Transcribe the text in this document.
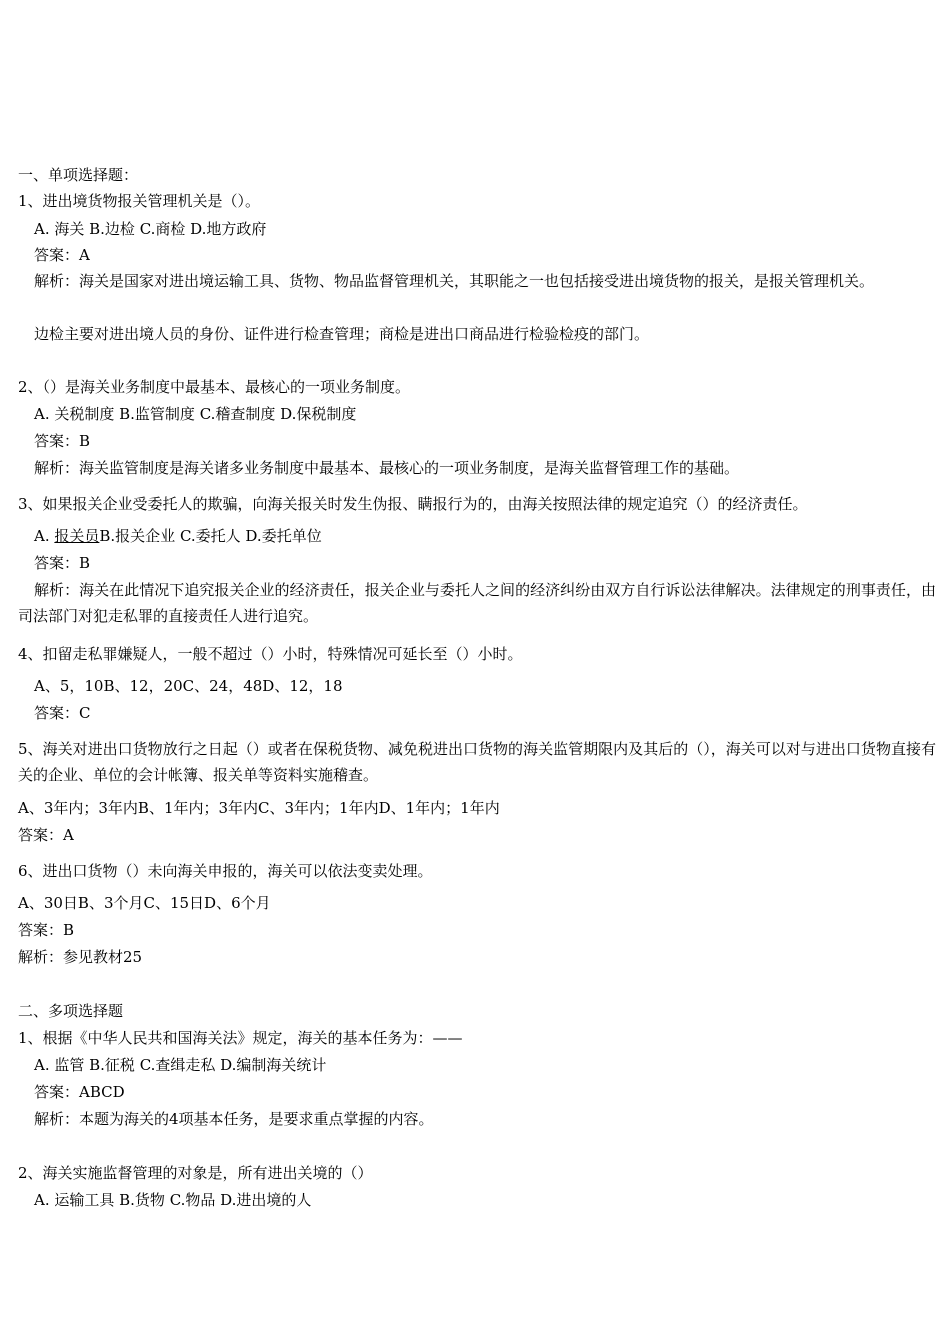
一、单项选择题：
1、进出境货物报关管理机关是（）。
A. 海关 B.边检 C.商检 D.地方政府
答案：A
解析：海关是国家对进出境运输工具、货物、物品监督管理机关，其职能之一也包括接受进出境货物的报关，是报关管理机关。
边检主要对进出境人员的身份、证件进行检查管理；商检是进出口商品进行检验检疫的部门。
2、（）是海关业务制度中最基本、最核心的一项业务制度。
A. 关税制度 B.监管制度 C.稽查制度 D.保税制度
答案：B
解析：海关监管制度是海关诸多业务制度中最基本、最核心的一项业务制度，是海关监督管理工作的基础。
3、如果报关企业受委托人的欺骗，向海关报关时发生伪报、瞒报行为的，由海关按照法律的规定追究（）的经济责任。
A. 报关员B.报关企业 C.委托人 D.委托单位
答案：B
解析：海关在此情况下追究报关企业的经济责任，报关企业与委托人之间的经济纠纷由双方自行诉讼法律解决。法律规定的刑事责任，由司法部门对犯走私罪的直接责任人进行追究。
4、扣留走私罪嫌疑人，一般不超过（）小时，特殊情况可延长至（）小时。
A、5，10B、12，20C、24，48D、12，18
答案：C
5、海关对进出口货物放行之日起（）或者在保税货物、减免税进出口货物的海关监管期限内及其后的（），海关可以对与进出口货物直接有关的企业、单位的会计帐簿、报关单等资料实施稽查。
A、3年内；3年内B、1年内；3年内C、3年内；1年内D、1年内；1年内
答案：A
6、进出口货物（）未向海关申报的，海关可以依法变卖处理。
A、30日B、3个月C、15日D、6个月
答案：B
解析：参见教材25
二、多项选择题
1、根据《中华人民共和国海关法》规定，海关的基本任务为：——
A. 监管 B.征税 C.查缉走私 D.编制海关统计
答案：ABCD
解析：本题为海关的4项基本任务，是要求重点掌握的内容。
2、海关实施监督管理的对象是，所有进出关境的（）
A. 运输工具 B.货物 C.物品 D.进出境的人
